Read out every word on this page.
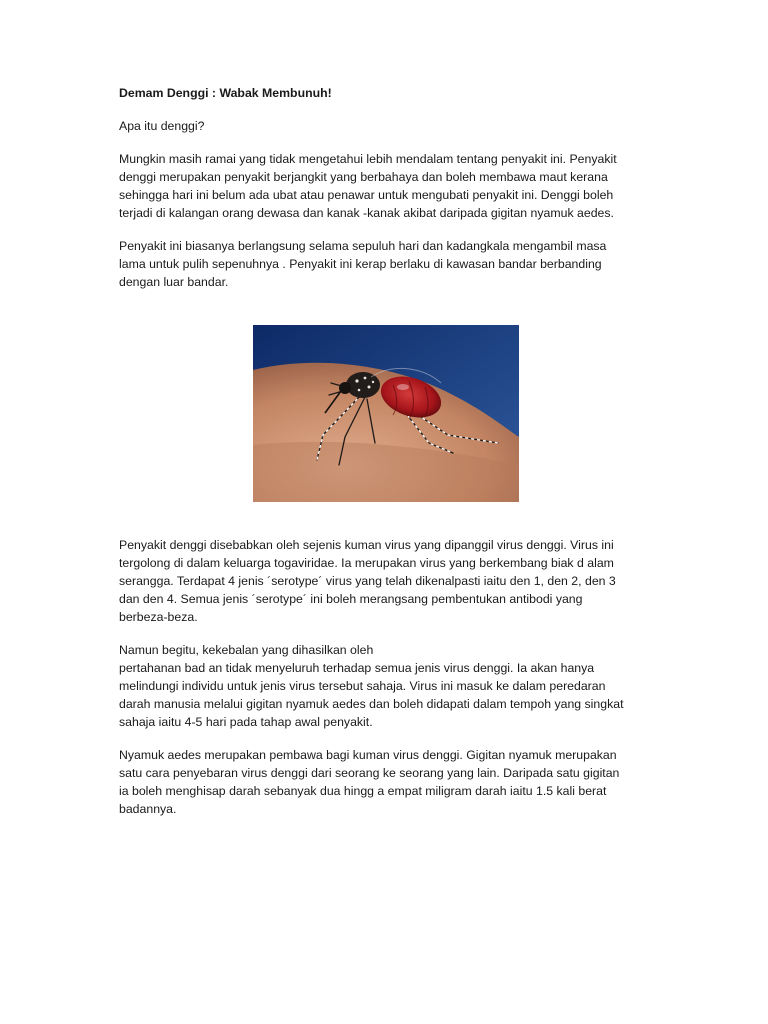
Demam Denggi : Wabak Membunuh!

Apa itu denggi?

Mungkin masih ramai yang tidak mengetahui lebih mendalam tentang penyakit ini. Penyakit
denggi merupakan penyakit berjangkit yang berbahaya dan boleh membawa maut kerana
sehingga hari ini belum ada ubat atau penawar untuk mengubati penyakit ini. Denggi boleh
terjadi di kalangan orang dewasa dan kanak -kanak akibat daripada gigitan nyamuk aedes.
Penyakit ini biasanya berlangsung selama sepuluh hari dan kadangkala mengambil masa
lama untuk pulih sepenuhnya . Penyakit ini kerap berlaku di kawasan bandar berbanding
dengan luar bandar.
Penyakit denggi disebabkan oleh sejenis kuman virus yang dipanggil virus denggi. Virus ini
tergolong di dalam keluarga togaviridae. Ia merupakan virus yang berkembang biak d alam
serangga. Terdapat 4 jenis ´serotype´ virus yang telah dikenalpasti iaitu den 1, den 2, den 3
dan den 4. Semua jenis ´serotype´ ini boleh merangsang pembentukan antibodi yang
berbeza-beza.
Namun begitu, kekebalan yang dihasilkan oleh
pertahanan bad an tidak menyeluruh terhadap semua jenis virus denggi. Ia akan hanya
melindungi individu untuk jenis virus tersebut sahaja. Virus ini masuk ke dalam peredaran
darah manusia melalui gigitan nyamuk aedes dan boleh didapati dalam tempoh yang singkat
sahaja iaitu 4-5 hari pada tahap awal penyakit.
Nyamuk aedes merupakan pembawa bagi kuman virus denggi. Gigitan nyamuk merupakan
satu cara penyebaran virus denggi dari seorang ke seorang yang lain. Daripada satu gigitan
ia boleh menghisap darah sebanyak dua hingg a empat miligram darah iaitu 1.5 kali berat
badannya.
